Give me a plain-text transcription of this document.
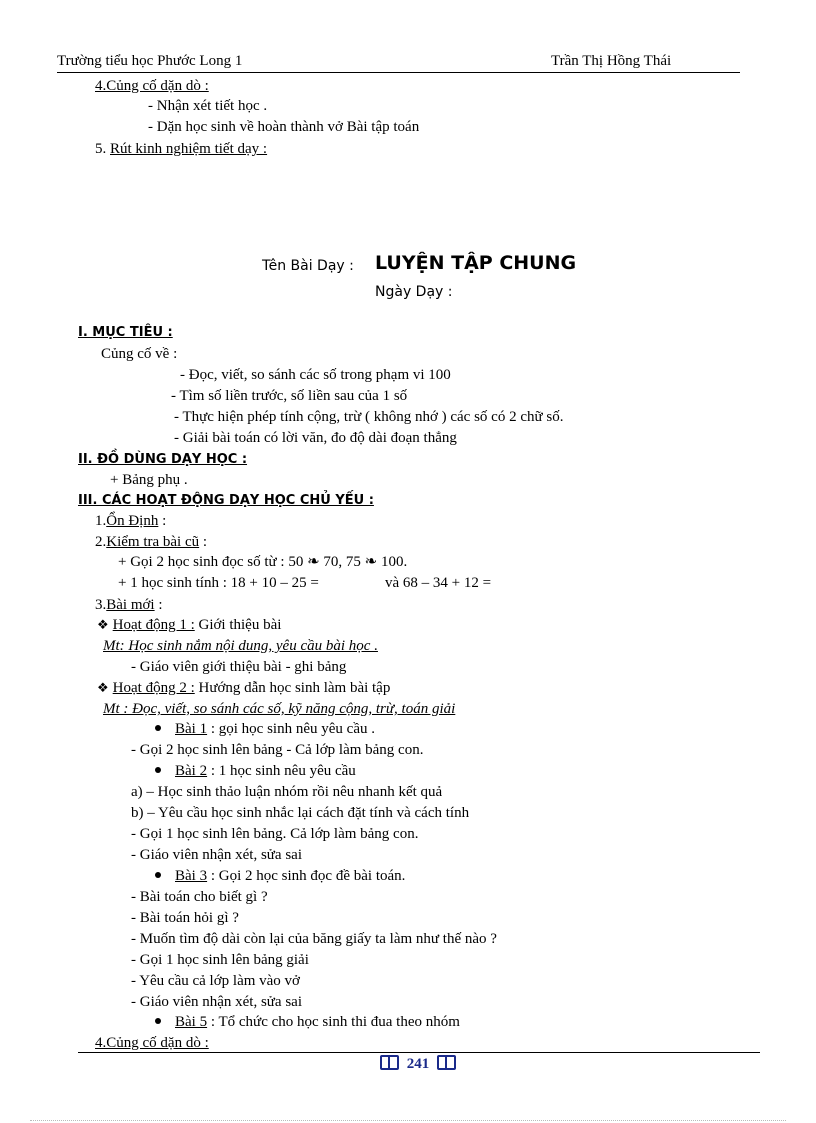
Trường tiểu học Phước Long 1	Trần Thị Hồng Thái
4.Củng cố dặn dò :
- Nhận xét tiết học .
- Dặn học sinh về hoàn thành vở Bài tập toán
5. Rút kinh nghiệm tiết dạy :
Tên Bài Dạy : LUYỆN TẬP CHUNG
Ngày Dạy :
I. MỤC TIÊU :
Củng cố về :
- Đọc, viết, so sánh các số trong phạm vi 100
- Tìm số liền trước, số liền sau của 1 số
- Thực hiện phép tính cộng, trừ ( không nhớ ) các số có 2 chữ số.
- Giải bài toán có lời văn, đo độ dài đoạn thẳng
II. ĐỒ DÙNG DẠY HỌC :
+ Bảng phụ .
III. CÁC HOẠT ĐỘNG DẠY HỌC CHỦ YẾU :
1.Ổn Định :
2.Kiểm tra bài cũ :
+ Gọi 2 học sinh đọc số từ : 50 ❧ 70, 75 ❧ 100.
+ 1 học sinh tính : 18 + 10 – 25 =	và 68 – 34 + 12 =
3.Bài mới :
❖ Hoạt động 1 : Giới thiệu bài
Mt: Học sinh nắm nội dung, yêu cầu bài học .
- Giáo viên giới thiệu bài - ghi bảng
❖ Hoạt động 2 : Hướng dẫn học sinh làm bài tập
Mt : Đọc, viết, so sánh các số, kỹ năng cộng, trừ, toán giải
Bài 1 : gọi học sinh nêu yêu cầu .
- Gọi 2 học sinh lên bảng - Cả lớp làm bảng con.
Bài 2 : 1 học sinh nêu yêu cầu
a) – Học sinh thảo luận nhóm rồi nêu nhanh kết quả
b) – Yêu cầu học sinh nhắc lại cách đặt tính và cách tính
- Gọi 1 học sinh lên bảng. Cả lớp làm bảng con.
- Giáo viên nhận xét, sửa sai
Bài 3 : Gọi 2 học sinh đọc đề bài toán.
- Bài toán cho biết gì ?
- Bài toán hỏi gì ?
- Muốn tìm độ dài còn lại của băng giấy ta làm như thế nào ?
- Gọi 1 học sinh lên bảng giải
- Yêu cầu cả lớp làm vào vở
- Giáo viên nhận xét, sửa sai
Bài 5 : Tổ chức cho học sinh thi đua theo nhóm
4.Củng cố dặn dò :
241
